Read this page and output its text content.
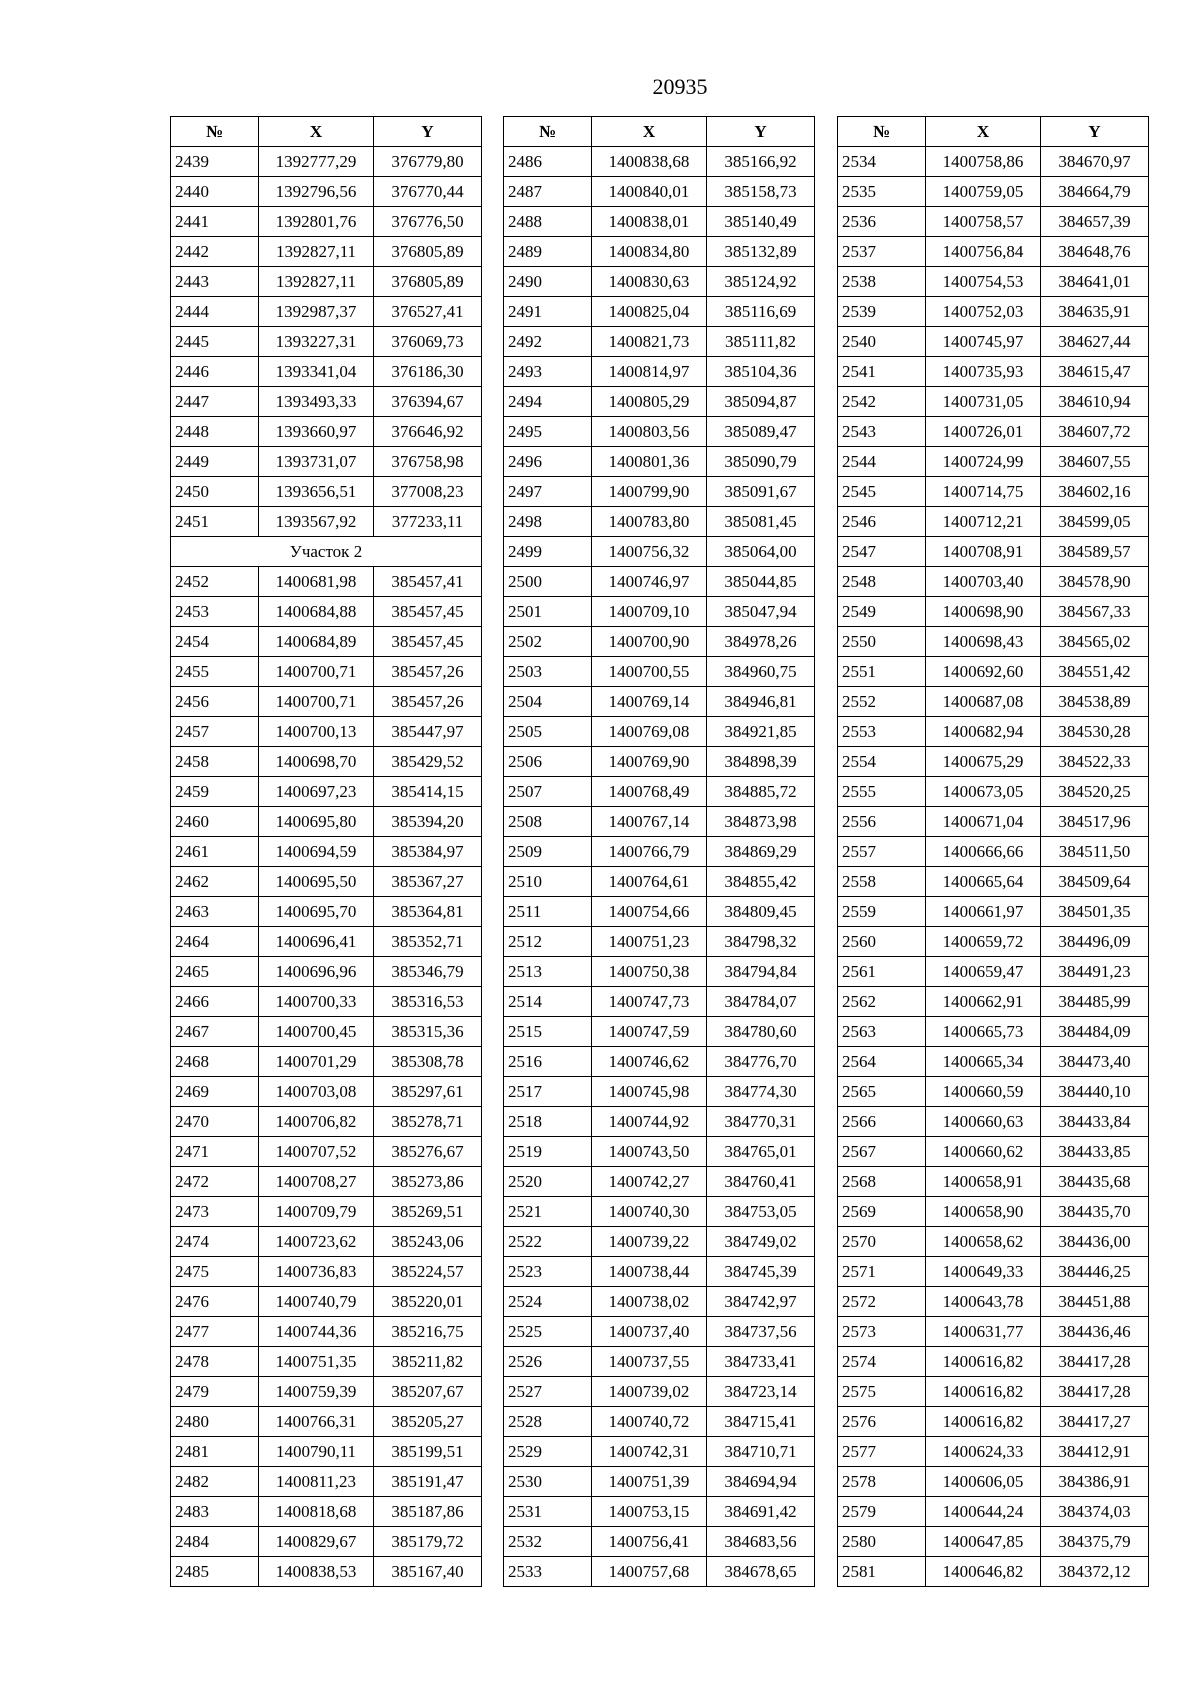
20935
№	X	Y
2439	1392777,29	376779,80
2440	1392796,56	376770,44
2441	1392801,76	376776,50
2442	1392827,11	376805,89
2443	1392827,11	376805,89
2444	1392987,37	376527,41
2445	1393227,31	376069,73
2446	1393341,04	376186,30
2447	1393493,33	376394,67
2448	1393660,97	376646,92
2449	1393731,07	376758,98
2450	1393656,51	377008,23
2451	1393567,92	377233,11
Участок 2		
2452	1400681,98	385457,41
2453	1400684,88	385457,45
2454	1400684,89	385457,45
2455	1400700,71	385457,26
2456	1400700,71	385457,26
2457	1400700,13	385447,97
2458	1400698,70	385429,52
2459	1400697,23	385414,15
2460	1400695,80	385394,20
2461	1400694,59	385384,97
2462	1400695,50	385367,27
2463	1400695,70	385364,81
2464	1400696,41	385352,71
2465	1400696,96	385346,79
2466	1400700,33	385316,53
2467	1400700,45	385315,36
2468	1400701,29	385308,78
2469	1400703,08	385297,61
2470	1400706,82	385278,71
2471	1400707,52	385276,67
2472	1400708,27	385273,86
2473	1400709,79	385269,51
2474	1400723,62	385243,06
2475	1400736,83	385224,57
2476	1400740,79	385220,01
2477	1400744,36	385216,75
2478	1400751,35	385211,82
2479	1400759,39	385207,67
2480	1400766,31	385205,27
2481	1400790,11	385199,51
2482	1400811,23	385191,47
2483	1400818,68	385187,86
2484	1400829,67	385179,72
2485	1400838,53	385167,40
№	X	Y
2486	1400838,68	385166,92
2487	1400840,01	385158,73
2488	1400838,01	385140,49
2489	1400834,80	385132,89
2490	1400830,63	385124,92
2491	1400825,04	385116,69
2492	1400821,73	385111,82
2493	1400814,97	385104,36
2494	1400805,29	385094,87
2495	1400803,56	385089,47
2496	1400801,36	385090,79
2497	1400799,90	385091,67
2498	1400783,80	385081,45
2499	1400756,32	385064,00
2500	1400746,97	385044,85
2501	1400709,10	385047,94
2502	1400700,90	384978,26
2503	1400700,55	384960,75
2504	1400769,14	384946,81
2505	1400769,08	384921,85
2506	1400769,90	384898,39
2507	1400768,49	384885,72
2508	1400767,14	384873,98
2509	1400766,79	384869,29
2510	1400764,61	384855,42
2511	1400754,66	384809,45
2512	1400751,23	384798,32
2513	1400750,38	384794,84
2514	1400747,73	384784,07
2515	1400747,59	384780,60
2516	1400746,62	384776,70
2517	1400745,98	384774,30
2518	1400744,92	384770,31
2519	1400743,50	384765,01
2520	1400742,27	384760,41
2521	1400740,30	384753,05
2522	1400739,22	384749,02
2523	1400738,44	384745,39
2524	1400738,02	384742,97
2525	1400737,40	384737,56
2526	1400737,55	384733,41
2527	1400739,02	384723,14
2528	1400740,72	384715,41
2529	1400742,31	384710,71
2530	1400751,39	384694,94
2531	1400753,15	384691,42
2532	1400756,41	384683,56
2533	1400757,68	384678,65
№	X	Y
2534	1400758,86	384670,97
2535	1400759,05	384664,79
2536	1400758,57	384657,39
2537	1400756,84	384648,76
2538	1400754,53	384641,01
2539	1400752,03	384635,91
2540	1400745,97	384627,44
2541	1400735,93	384615,47
2542	1400731,05	384610,94
2543	1400726,01	384607,72
2544	1400724,99	384607,55
2545	1400714,75	384602,16
2546	1400712,21	384599,05
2547	1400708,91	384589,57
2548	1400703,40	384578,90
2549	1400698,90	384567,33
2550	1400698,43	384565,02
2551	1400692,60	384551,42
2552	1400687,08	384538,89
2553	1400682,94	384530,28
2554	1400675,29	384522,33
2555	1400673,05	384520,25
2556	1400671,04	384517,96
2557	1400666,66	384511,50
2558	1400665,64	384509,64
2559	1400661,97	384501,35
2560	1400659,72	384496,09
2561	1400659,47	384491,23
2562	1400662,91	384485,99
2563	1400665,73	384484,09
2564	1400665,34	384473,40
2565	1400660,59	384440,10
2566	1400660,63	384433,84
2567	1400660,62	384433,85
2568	1400658,91	384435,68
2569	1400658,90	384435,70
2570	1400658,62	384436,00
2571	1400649,33	384446,25
2572	1400643,78	384451,88
2573	1400631,77	384436,46
2574	1400616,82	384417,28
2575	1400616,82	384417,28
2576	1400616,82	384417,27
2577	1400624,33	384412,91
2578	1400606,05	384386,91
2579	1400644,24	384374,03
2580	1400647,85	384375,79
2581	1400646,82	384372,12
